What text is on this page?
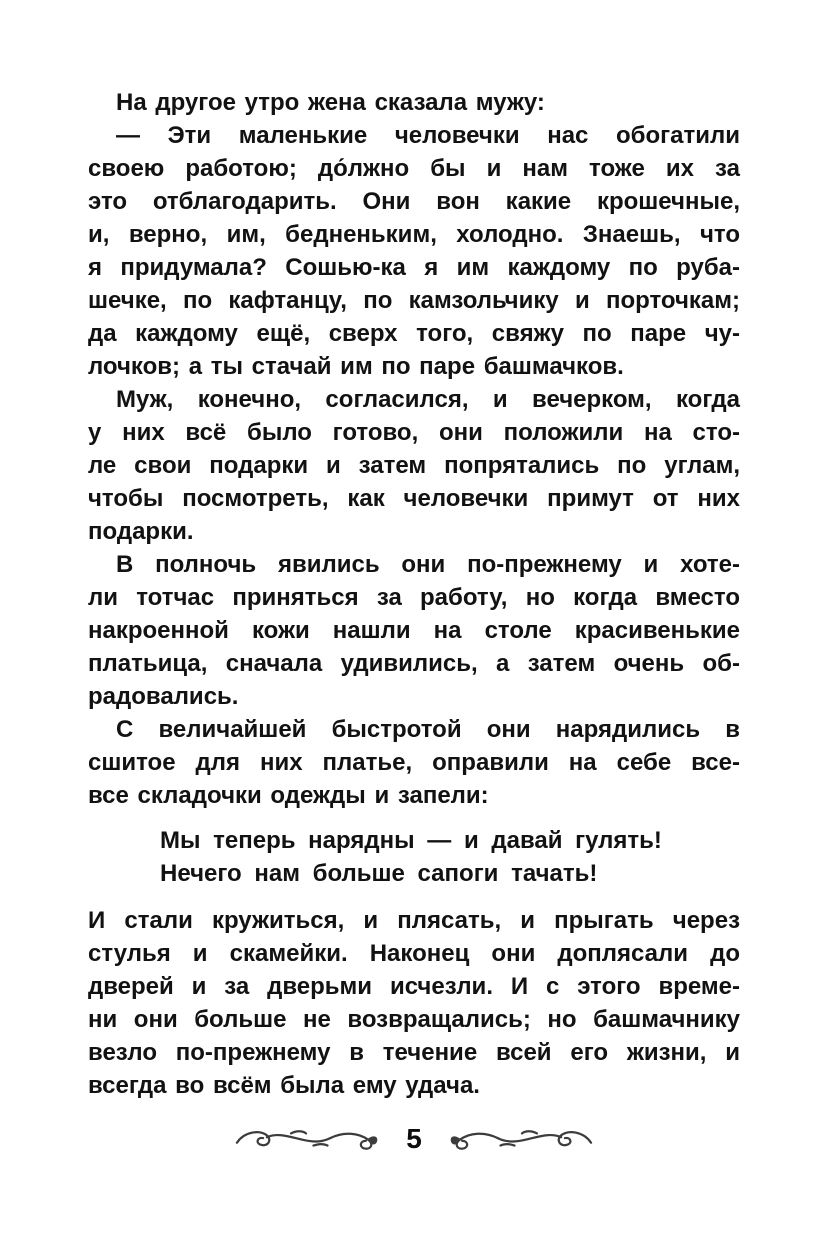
На другое утро жена сказала мужу:
— Эти маленькие человечки нас обогатили
своею работою; до́лжно бы и нам тоже их за
это отблагодарить. Они вон какие крошечные,
и, верно, им, бедненьким, холодно. Знаешь, что
я придумала? Сошью-ка я им каждому по руба-
шечке, по кафтанцу, по камзольчику и порточкам;
да каждому ещё, сверх того, свяжу по паре чу-
лочков; а ты стачай им по паре башмачков.
Муж, конечно, согласился, и вечерком, когда
у них всё было готово, они положили на сто-
ле свои подарки и затем попрятались по углам,
чтобы посмотреть, как человечки примут от них
подарки.
В полночь явились они по-прежнему и хоте-
ли тотчас приняться за работу, но когда вместо
накроенной кожи нашли на столе красивенькие
платьица, сначала удивились, а затем очень об-
радовались.
С величайшей быстротой они нарядились в
сшитое для них платье, оправили на себе все-
все складочки одежды и запели:
Мы теперь нарядны — и давай гулять!
Нечего нам больше сапоги тачать!
И стали кружиться, и плясать, и прыгать через
стулья и скамейки. Наконец они доплясали до
дверей и за дверьми исчезли. И с этого време-
ни они больше не возвращались; но башмачнику
везло по-прежнему в течение всей его жизни, и
всегда во всём была ему удача.
5
